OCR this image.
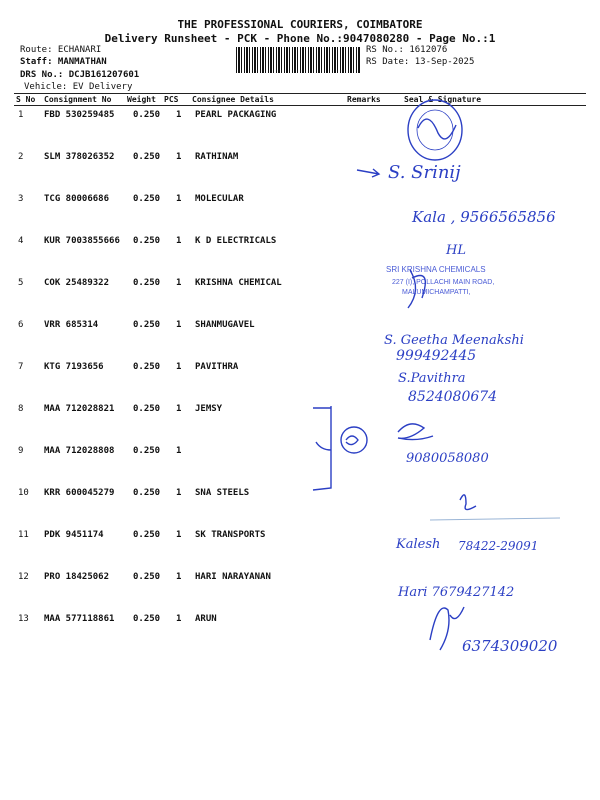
THE PROFESSIONAL COURIERS, COIMBATORE
Delivery Runsheet - PCK - Phone No.:9047080280 - Page No.:1
Route: ECHANARI
Staff: MANMATHAN
DRS No.: DCJB161207601
Vehicle: EV Delivery
RS No.: 1612076
RS Date: 13-Sep-2025
S No Consignment No Weight PCS Consignee Details	Remarks	Seal & Signature
1 FBD 530259485 0.250 1 PEARL PACKAGING
2 SLM 378026352 0.250 1 RATHINAM
3 TCG 80006686	0.250 1 MOLECULAR
4 KUR 7003855666 0.250 1 K D ELECTRICALS
5 COK 25489322	0.250 1 KRISHNA CHEMICAL
6 VRR 685314	0.250 1 SHANMUGAVEL
7 KTG 7193656	0.250 1 PAVITHRA
8 MAA 712028821 0.250 1 JEMSY
9 MAA 712028808 0.250 1
10 KRR 600045279 0.250 1 SNA STEELS
11 PDK 9451174	0.250 1 SK TRANSPORTS
12 PRO 18425062	0.250 1 HARI NARAYANAN
13 MAA 577118861 0.250 1 ARUN
SRI KRISHNA CHEMICALS
227 (I), POLLACHI MAIN ROAD,
MALUMICHAMPATTI,
S. Srinij
Kala , 9566565856
HL
S. Geetha Meenakshi
999492445
S.Pavithra
8524080674
9080058080
Kalesh 78422-29091
Hari 7679427142
6374309020
